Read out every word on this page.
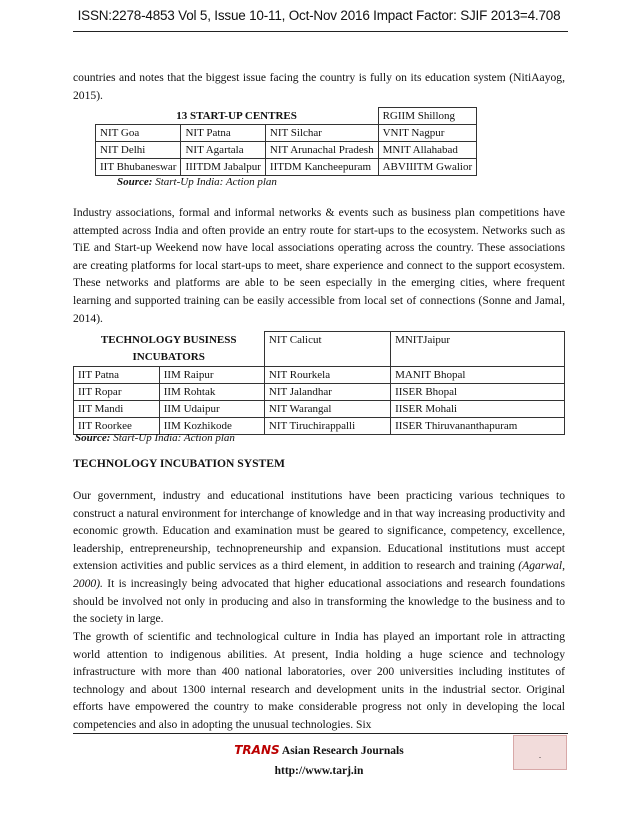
ISSN:2278-4853 Vol 5, Issue 10-11, Oct-Nov 2016 Impact Factor: SJIF 2013=4.708

countries and notes that the biggest issue facing the country is fully on its education system (NitiAayog, 2015).

13 START-UP CENTRES			RGIIM Shillong
NIT Goa	NIT Patna	NIT Silchar	VNIT Nagpur
NIT Delhi	NIT Agartala	NIT Arunachal Pradesh	MNIT Allahabad
IIT Bhubaneswar	IIITDM Jabalpur	IITDM Kancheepuram	ABVIIITM Gwalior
Source: Start-Up India: Action plan

Industry associations, formal and informal networks & events such as business plan competitions have attempted across India and often provide an entry route for start-ups to the ecosystem. Networks such as TiE and Start-up Weekend now have local associations operating across the country. These associations are creating platforms for local start-ups to meet, share experience and connect to the support ecosystem. These networks and platforms are able to be seen especially in the emerging cities, where frequent learning and supported training can be easily accessible from local set of connections (Sonne and Jamal, 2014).

TECHNOLOGY BUSINESS
INCUBATORS		NIT Calicut	MNITJaipur
IIT Patna	IIM Raipur	NIT Rourkela	MANIT Bhopal
IIT Ropar	IIM Rohtak	NIT Jalandhar	IISER Bhopal
IIT Mandi	IIM Udaipur	NIT Warangal	IISER Mohali
IIT Roorkee	IIM Kozhikode	NIT Tiruchirappalli	IISER Thiruvananthapuram
Source: Start-Up India: Action plan
TECHNOLOGY INCUBATION SYSTEM

Our government, industry and educational institutions have been practicing various techniques to construct a natural environment for interchange of knowledge and in that way increasing productivity and economic growth. Education and examination must be geared to significance, competency, excellence, leadership, entrepreneurship, technopreneurship and expansion. Educational institutions must accept extension activities and public services as a third element, in addition to research and training (Agarwal, 2000). It is increasingly being advocated that higher educational associations and research foundations should be involved not only in producing and also in transforming the knowledge to the business and to the society in large.

The growth of scientific and technological culture in India has played an important role in attracting world attention to indigenous abilities. At present, India holding a huge science and technology infrastructure with more than 400 national laboratories, over 200 universities including institutes of technology and about 1300 internal research and development units in the industrial sector. Original efforts have empowered the country to make considerable progress not only in developing the local competencies and also in adopting the unusual technologies. Six

TRANS Asian Research Journals
http://www.tarj.in
.
